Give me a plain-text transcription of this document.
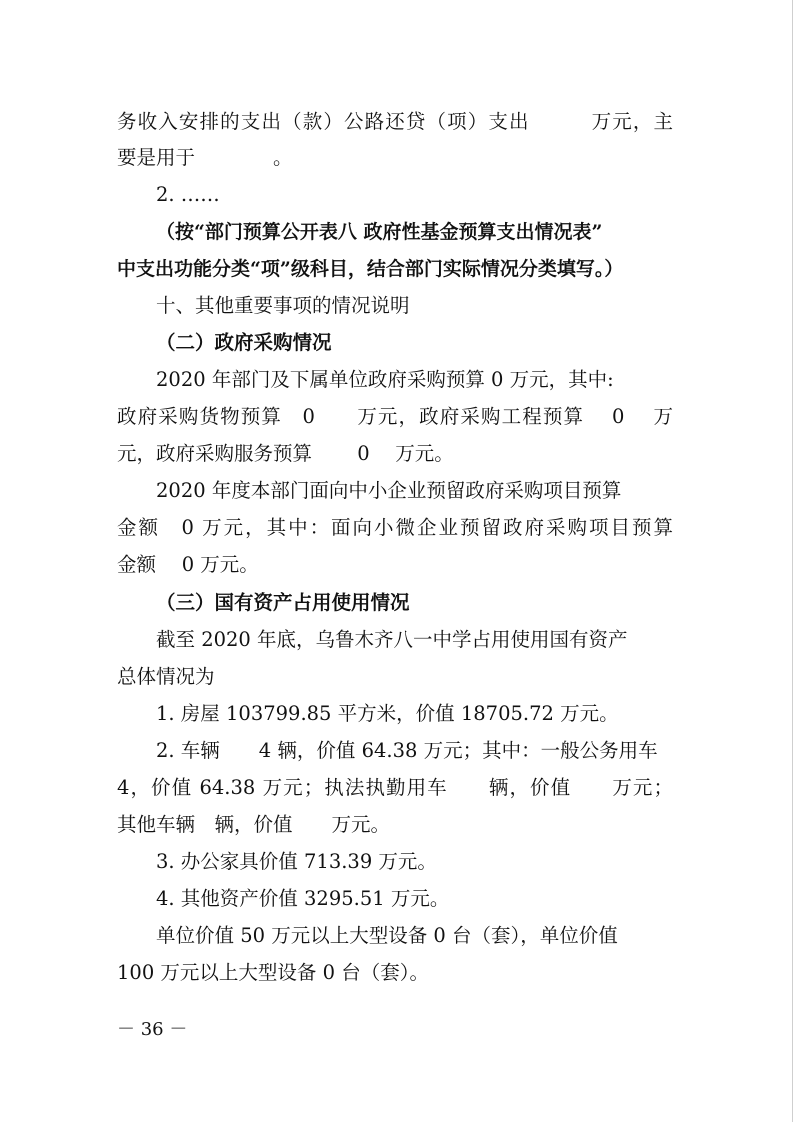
务收入安排的支出（款）公路还贷（项）支出　　　万元，主
要是用于　　　　。
2. ……
（按“部门预算公开表八 政府性基金预算支出情况表”
中支出功能分类“项”级科目，结合部门实际情况分类填写。）
十、其他重要事项的情况说明
（二）政府采购情况
2020 年部门及下属单位政府采购预算 0 万元，其中:
政府采购货物预算　0　　万元，政府采购工程预算　 0　 万
元，政府采购服务预算　　 0　 万元。
2020 年度本部门面向中小企业预留政府采购项目预算
金额　0 万元，其中：面向小微企业预留政府采购项目预算
金额　 0 万元。
（三）国有资产占用使用情况
截至 2020 年底，乌鲁木齐八一中学占用使用国有资产
总体情况为
1. 房屋 103799.85 平方米，价值 18705.72 万元。
2. 车辆　　4 辆，价值 64.38 万元；其中：一般公务用车
4，价值 64.38 万元；执法执勤用车　　辆，价值　　万元；
其他车辆　辆，价值　　万元。
3. 办公家具价值 713.39 万元。
4. 其他资产价值 3295.51 万元。
单位价值 50 万元以上大型设备 0 台（套），单位价值
100 万元以上大型设备 0 台（套）。
－ 36 －
